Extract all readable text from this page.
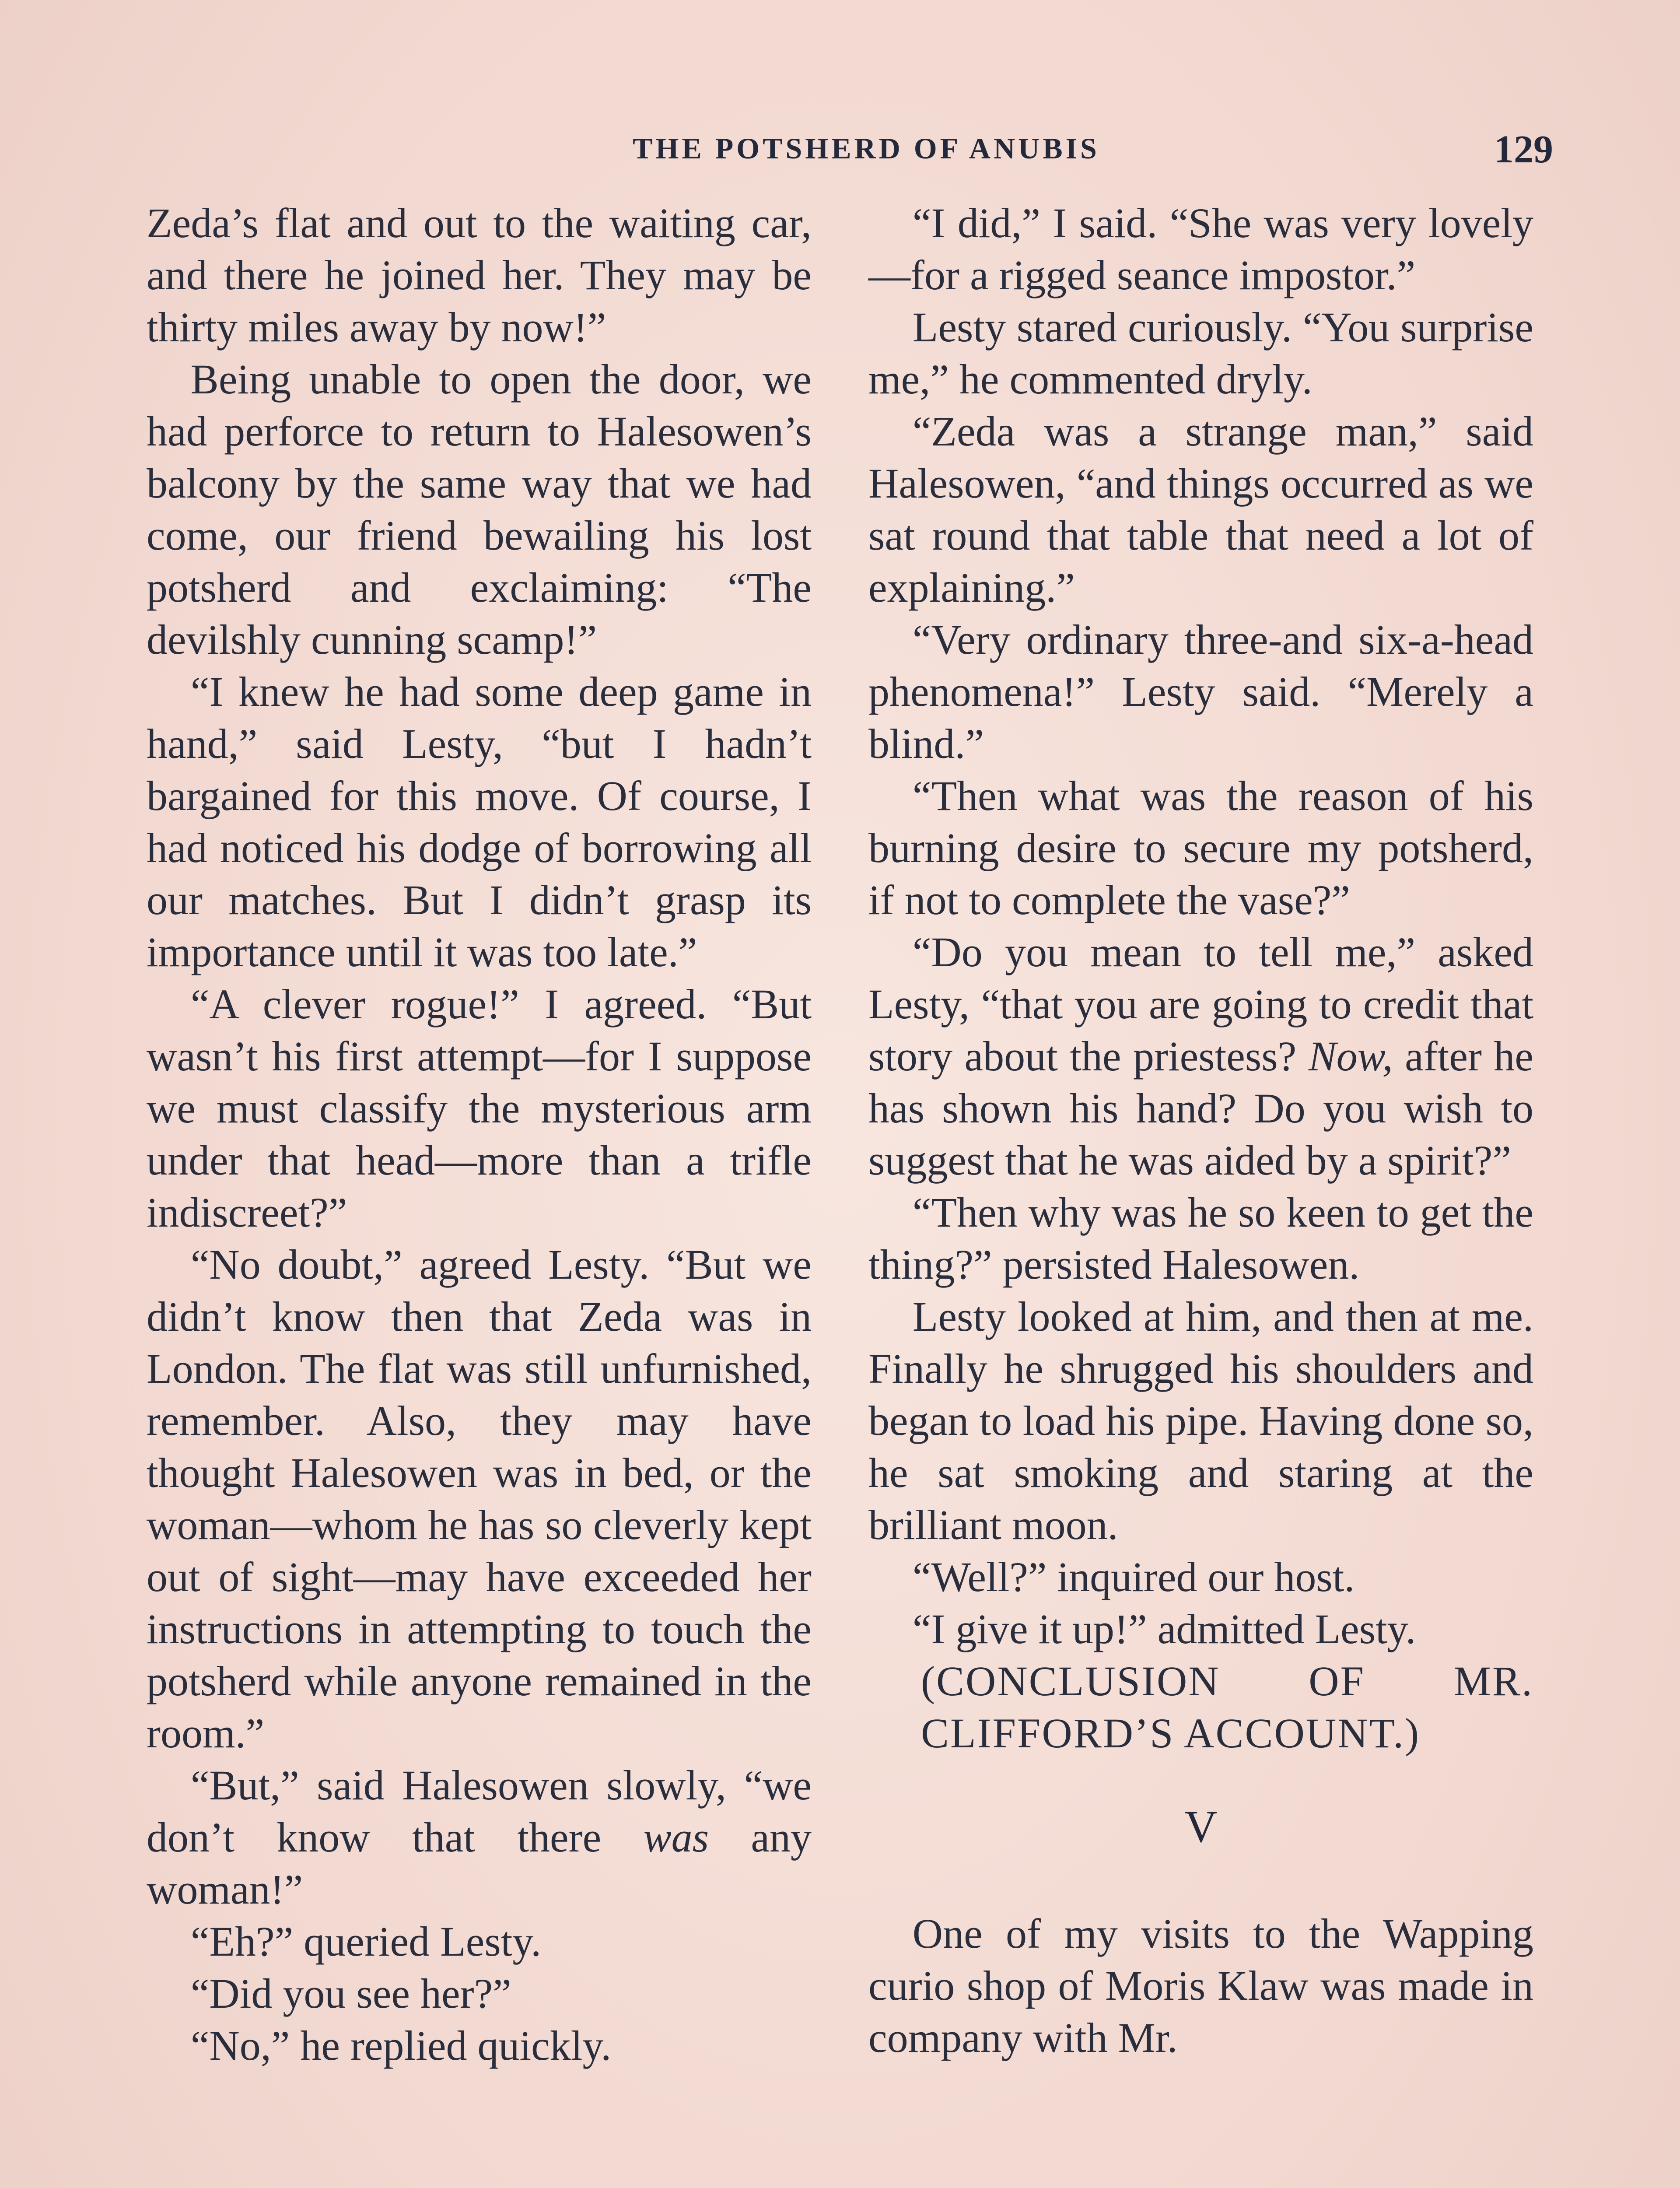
THE POTSHERD OF ANUBIS	129

Zeda’s flat and out to the waiting car, and there he joined her. They may be thirty miles away by now!”

Being unable to open the door, we had perforce to return to Halesowen’s balcony by the same way that we had come, our friend bewailing his lost potsherd and exclaiming: “The devilshly cunning scamp!”

“I knew he had some deep game in hand,” said Lesty, “but I hadn’t bargained for this move. Of course, I had noticed his dodge of borrowing all our matches. But I didn’t grasp its importance until it was too late.”

“A clever rogue!” I agreed. “But wasn’t his first attempt—for I suppose we must classify the mysterious arm under that head—more than a trifle indiscreet?”

“No doubt,” agreed Lesty. “But we didn’t know then that Zeda was in London. The flat was still unfurnished, remember. Also, they may have thought Halesowen was in bed, or the woman—whom he has so cleverly kept out of sight—may have exceeded her instructions in attempting to touch the potsherd while anyone remained in the room.”

“But,” said Halesowen slowly, “we don’t know that there was any woman!”

“Eh?” queried Lesty.

“Did you see her?”

“No,” he replied quickly.

“I did,” I said. “She was very lovely—for a rigged seance impostor.”

Lesty stared curiously. “You surprise me,” he commented dryly.

“Zeda was a strange man,” said Halesowen, “and things occurred as we sat round that table that need a lot of explaining.”

“Very ordinary three-and six-a-head phenomena!” Lesty said. “Merely a blind.”

“Then what was the reason of his burning desire to secure my potsherd, if not to complete the vase?”

“Do you mean to tell me,” asked Lesty, “that you are going to credit that story about the priestess? Now, after he has shown his hand? Do you wish to suggest that he was aided by a spirit?”

“Then why was he so keen to get the thing?” persisted Halesowen.

Lesty looked at him, and then at me. Finally he shrugged his shoulders and began to load his pipe. Having done so, he sat smoking and staring at the brilliant moon.

“Well?” inquired our host.

“I give it up!” admitted Lesty.

(CONCLUSION OF MR. CLIFFORD’S ACCOUNT.)

V

One of my visits to the Wapping curio shop of Moris Klaw was made in company with Mr.
